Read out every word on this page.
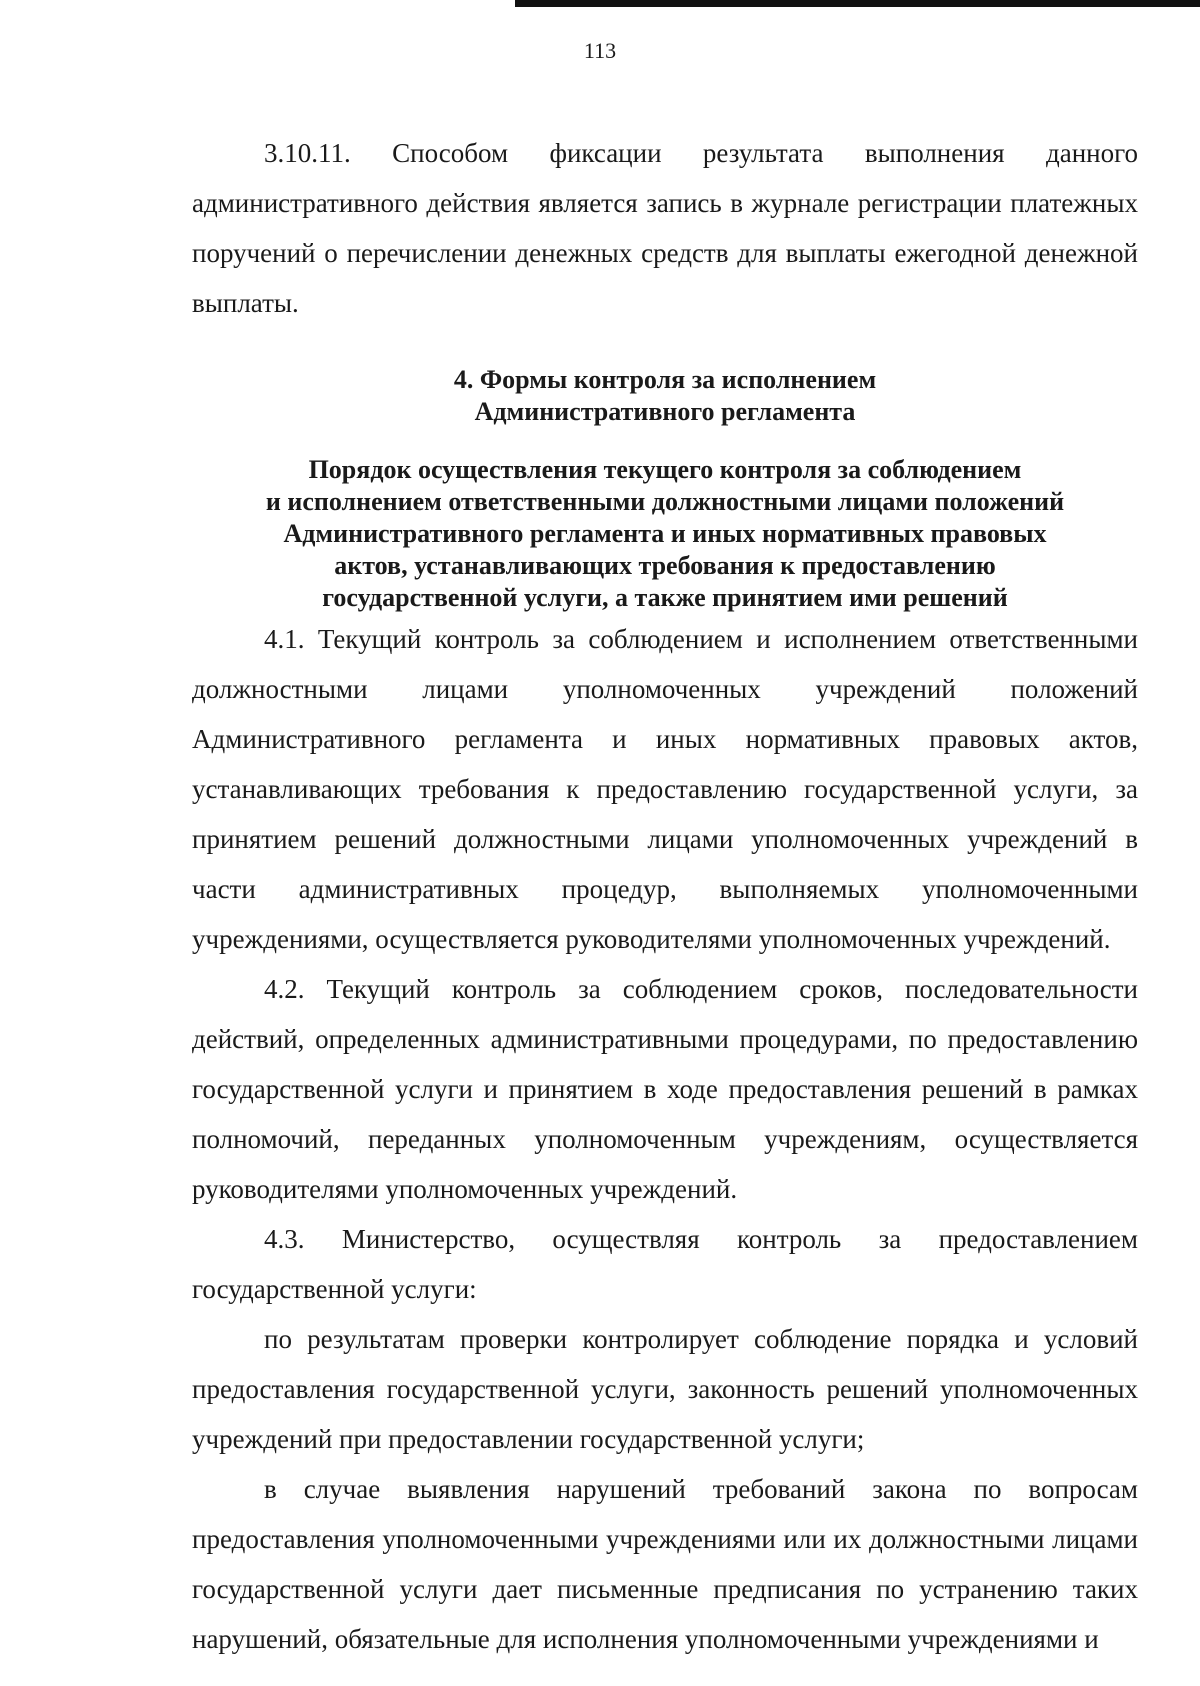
113

3.10.11. Способом фиксации результата выполнения данного административного действия является запись в журнале регистрации платежных поручений о перечислении денежных средств для выплаты ежегодной денежной выплаты.

4. Формы контроля за исполнением
Административного регламента
Порядок осуществления текущего контроля за соблюдением
и исполнением ответственными должностными лицами положений
Административного регламента и иных нормативных правовых
актов, устанавливающих требования к предоставлению
государственной услуги, а также принятием ими решений

4.1. Текущий контроль за соблюдением и исполнением ответственными должностными лицами уполномоченных учреждений положений Административного регламента и иных нормативных правовых актов, устанавливающих требования к предоставлению государственной услуги, за принятием решений должностными лицами уполномоченных учреждений в части административных процедур, выполняемых уполномоченными учреждениями, осуществляется руководителями уполномоченных учреждений.

4.2. Текущий контроль за соблюдением сроков, последовательности действий, определенных административными процедурами, по предоставлению государственной услуги и принятием в ходе предоставления решений в рамках полномочий, переданных уполномоченным учреждениям, осуществляется руководителями уполномоченных учреждений.

4.3. Министерство, осуществляя контроль за предоставлением государственной услуги:

по результатам проверки контролирует соблюдение порядка и условий предоставления государственной услуги, законность решений уполномоченных учреждений при предоставлении государственной услуги;

в случае выявления нарушений требований закона по вопросам предоставления уполномоченными учреждениями или их должностными лицами государственной услуги дает письменные предписания по устранению таких нарушений, обязательные для исполнения уполномоченными учреждениями и
